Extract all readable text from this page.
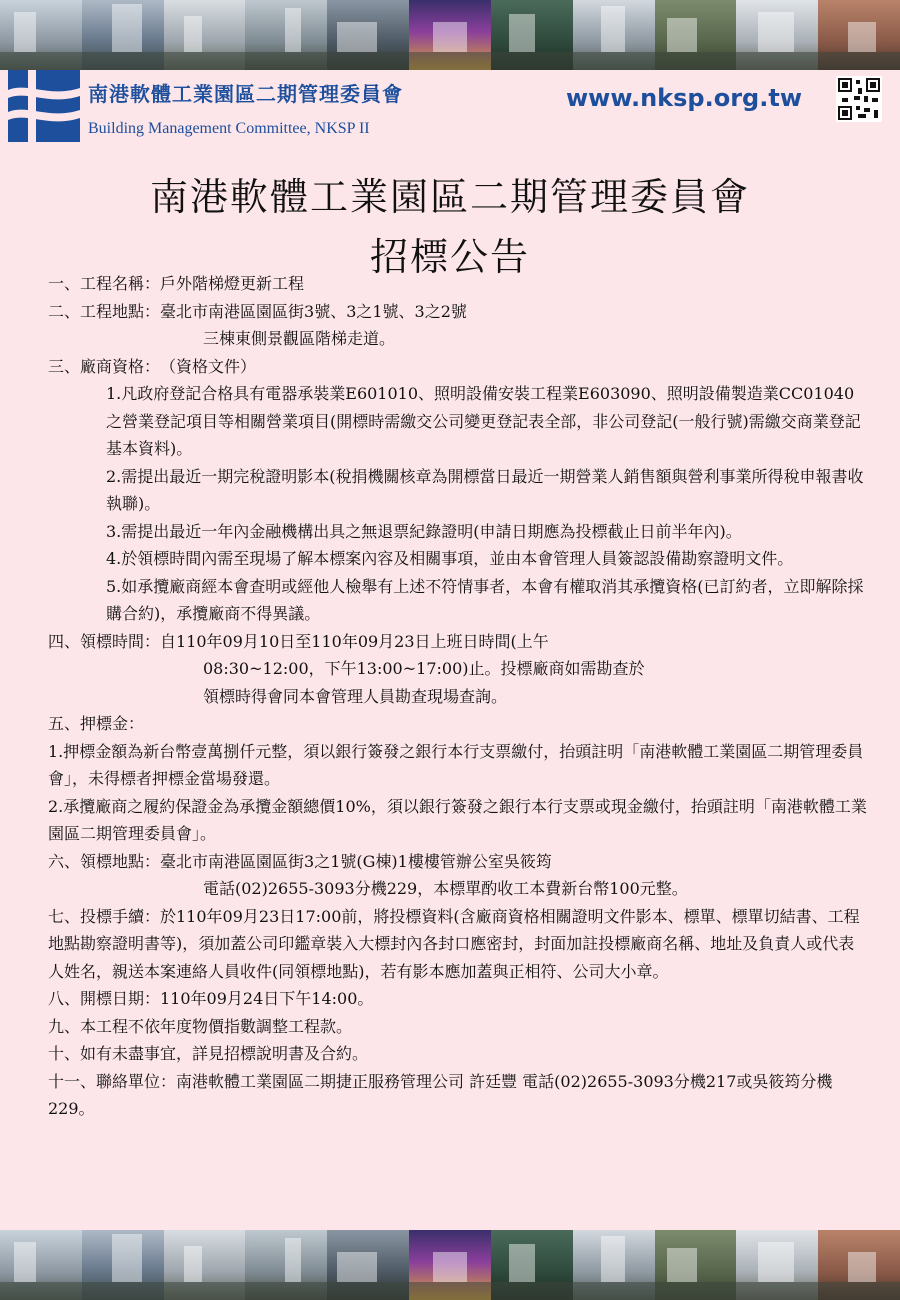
南港軟體工業園區二期管理委員會
Building Management Committee, NKSP II
www.nksp.org.tw
南港軟體工業園區二期管理委員會
招標公告
一、工程名稱： 戶外階梯燈更新工程
二、工程地點： 臺北市南港區園區街3號、3之1號、3之2號
三棟東側景觀區階梯走道。
三、廠商資格： （資格文件）
1.凡政府登記合格具有電器承裝業E601010、照明設備安裝工程業E603090、照明設備製造業CC01040之營業登記項目等相關營業項目(開標時需繳交公司變更登記表全部，非公司登記(一般行號)需繳交商業登記基本資料)。
2.需提出最近一期完稅證明影本(稅捐機關核章為開標當日最近一期營業人銷售額與營利事業所得稅申報書收執聯)。
3.需提出最近一年內金融機構出具之無退票紀錄證明(申請日期應為投標截止日前半年內)。
4.於領標時間內需至現場了解本標案內容及相關事項，並由本會管理人員簽認設備勘察證明文件。
5.如承攬廠商經本會查明或經他人檢舉有上述不符情事者，本會有權取消其承攬資格(已訂約者，立即解除採購合約)，承攬廠商不得異議。
四、領標時間： 自110年09月10日至110年09月23日上班日時間(上午
08:30~12:00，下午13:00~17:00)止。投標廠商如需勘查於
領標時得會同本會管理人員勘查現場查詢。
五、押標金：

1.押標金額為新台幣壹萬捌仟元整，須以銀行簽發之銀行本行支票繳付，抬頭註明「南港軟體工業園區二期管理委員會」，未得標者押標金當場發還。

2.承攬廠商之履約保證金為承攬金額總價10%，須以銀行簽發之銀行本行支票或現金繳付，抬頭註明「南港軟體工業園區二期管理委員會」。

六、領標地點： 臺北市南港區園區街3之1號(G棟)1樓樓管辦公室吳筱筠
電話(02)2655-3093分機229，本標單酌收工本費新台幣100元整。

七、投標手續：於110年09月23日17:00前，將投標資料(含廠商資格相關證明文件影本、標單、標單切結書、工程地點勘察證明書等)，須加蓋公司印鑑章裝入大標封內各封口應密封，封面加註投標廠商名稱、地址及負責人或代表人姓名，親送本案連絡人員收件(同領標地點)，若有影本應加蓋與正相符、公司大小章。

八、開標日期：110年09月24日下午14:00。
九、本工程不依年度物價指數調整工程款。
十、如有未盡事宜，詳見招標說明書及合約。

十一、聯絡單位：南港軟體工業園區二期捷正服務管理公司 許廷豐 電話(02)2655-3093分機217或吳筱筠分機229。
